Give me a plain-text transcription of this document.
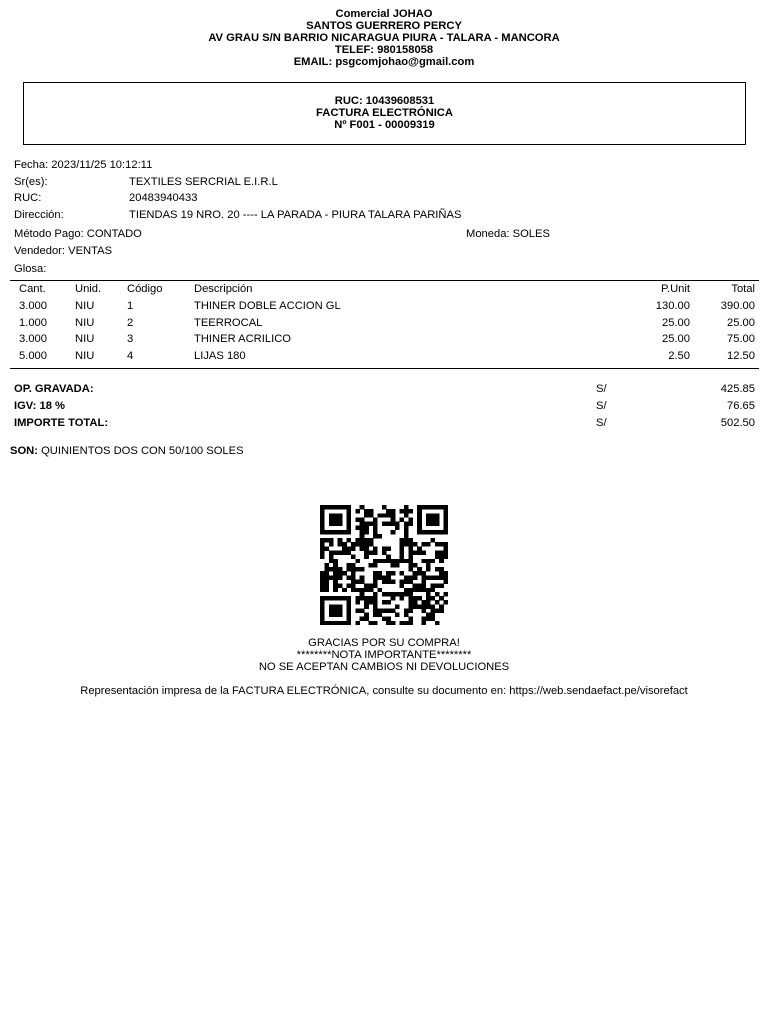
Comercial JOHAO
SANTOS GUERRERO PERCY
AV GRAU S/N BARRIO NICARAGUA PIURA - TALARA - MANCORA
TELEF: 980158058
EMAIL: psgcomjohao@gmail.com
RUC: 10439608531
FACTURA ELECTRÓNICA
Nº F001 - 00009319
Fecha: 2023/11/25 10:12:11
Sr(es):	TEXTILES SERCRIAL E.I.R.L
RUC:	20483940433
Dirección:	TIENDAS 19 NRO. 20 ---- LA PARADA - PIURA TALARA PARIÑAS
Método Pago: CONTADO	Moneda: SOLES
Vendedor: VENTAS
Glosa:
Cant.	Unid. Código	Descripción	P.Unit	Total
3.000	NIU	1	THINER DOBLE ACCION GL	130.00	390.00
1.000	NIU	2	TEERROCAL	25.00	25.00
3.000	NIU	3	THINER ACRILICO	25.00	75.00
5.000	NIU	4	LIJAS 180	2.50	12.50
OP. GRAVADA:	S/	425.85
IGV: 18 %	S/	76.65
IMPORTE TOTAL:	S/	502.50
SON: QUINIENTOS DOS CON 50/100 SOLES
GRACIAS POR SU COMPRA!
********NOTA IMPORTANTE********
NO SE ACEPTAN CAMBIOS NI DEVOLUCIONES
Representación impresa de la FACTURA ELECTRÓNICA, consulte su documento en: https://web.sendaefact.pe/visorefact
